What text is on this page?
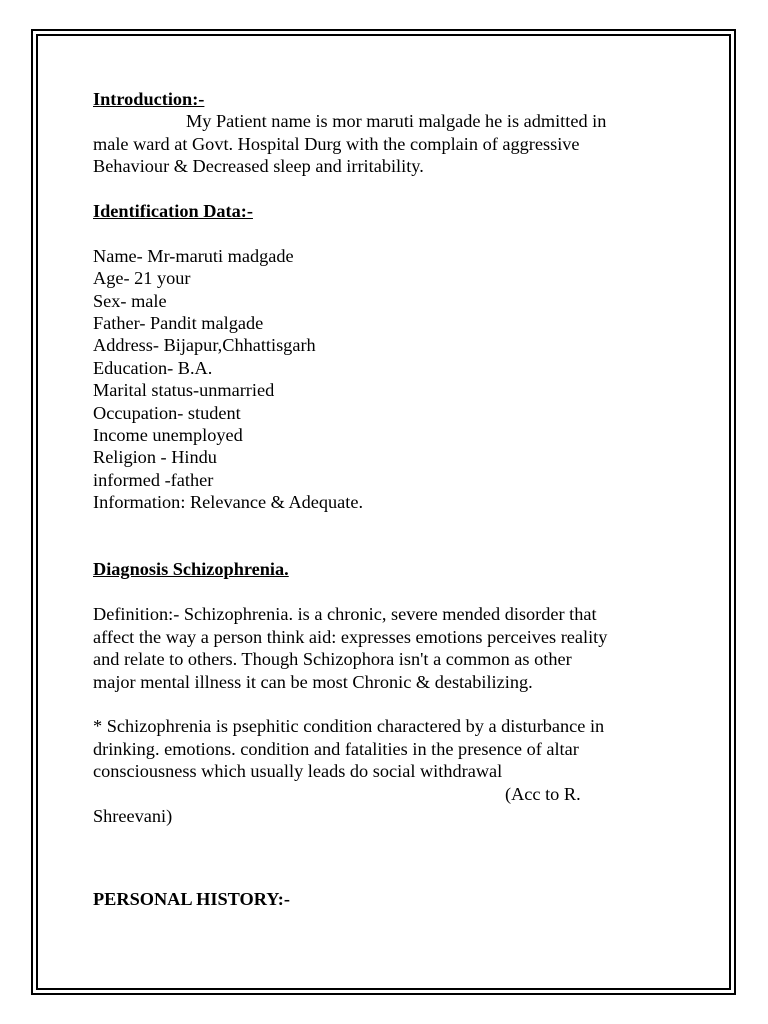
Introduction:-
My Patient name is mor maruti malgade he is admitted in
male ward at Govt. Hospital Durg with the complain of aggressive
Behaviour & Decreased sleep and irritability.
Identification Data:-
Name- Mr-maruti madgade
Age- 21 your
Sex- male
Father- Pandit malgade
Address- Bijapur,Chhattisgarh
Education- B.A.
Marital status-unmarried
Occupation- student
Income unemployed
Religion - Hindu
informed -father
Information: Relevance & Adequate.
Diagnosis Schizophrenia.
Definition:- Schizophrenia. is a chronic, severe mended disorder that
affect the way a person think aid: expresses emotions perceives reality
and relate to others. Though Schizophora isn't a common as other
major mental illness it can be most Chronic & destabilizing.
* Schizophrenia is psephitic condition charactered by a disturbance in
drinking. emotions. condition and fatalities in the presence of altar
consciousness which usually leads do social withdrawal
(Acc to R.
Shreevani)
PERSONAL HISTORY:-
